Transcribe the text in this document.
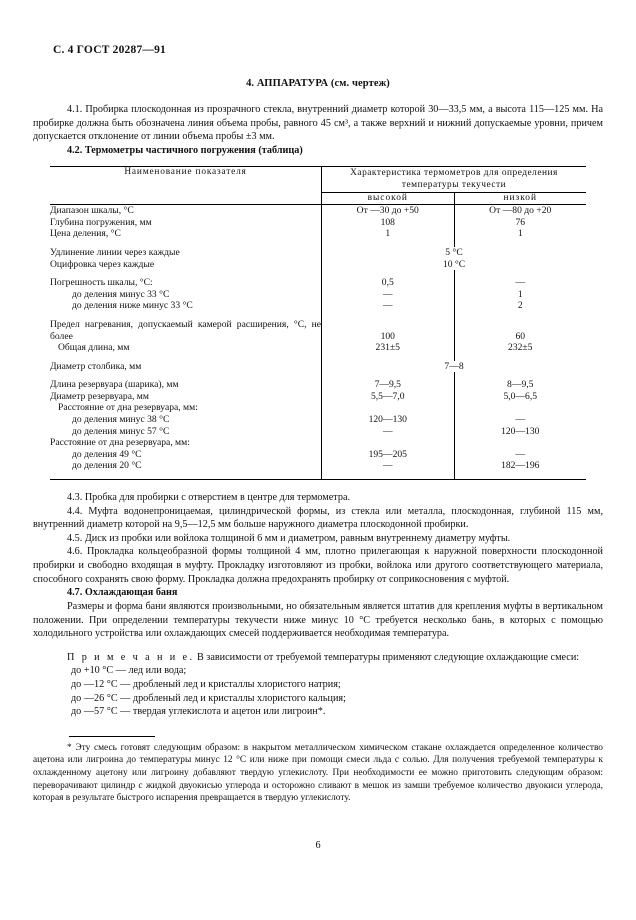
С. 4 ГОСТ 20287—91
4. АППАРАТУРА (см. чертеж)

4.1. Пробирка плоскодонная из прозрачного стекла, внутренний диаметр которой 30—33,5 мм, а высота 115—125 мм. На пробирке должна быть обозначена линия объема пробы, равного 45 см³, а также верхний и нижний допускаемые уровни, причем допускается отклонение от линии объема пробы ±3 мм.

4.2. Термометры частичного погружения (таблица)
Наименование показателя	Характеристика термометров для определения температуры текучести	
	высокой	низкой
Диапазон шкалы, °С	От —30 до +50	От —80 до +20
Глубина погружения, мм	108	76
Цена деления, °С	1	1

Удлинение линии через каждые	5 °С	
Оцифровка через каждые	10 °С	

Погрешность шкалы, °С:	0,5	—

до деления минус 33 °С	—	1

до деления ниже минус 33 °С	—	2

Предел нагревания, допускаемый камерой расширения, °С, не более	100	60
Общая длина, мм	231±5	232±5

Диаметр столбика, мм	7—8	

Длина резервуара (шарика), мм	7—9,5	8—9,5
Диаметр резервуара, мм	5,5—7,0	5,0—6,5
Расстояние от дна резервуара, мм:		

до деления минус 38 °С	120—130	—

до деления минус 57 °С	—	120—130
Расстояние от дна резервуара, мм:		

до деления 49 °С	195—205	—

до деления 20 °С	—	182—196

4.3. Пробка для пробирки с отверстием в центре для термометра.

4.4. Муфта водонепроницаемая, цилиндрической формы, из стекла или металла, плоскодонная, глубиной 115 мм, внутренний диаметр которой на 9,5—12,5 мм больше наружного диаметра плоскодонной пробирки.

4.5. Диск из пробки или войлока толщиной 6 мм и диаметром, равным внутреннему диаметру муфты.

4.6. Прокладка кольцеобразной формы толщиной 4 мм, плотно прилегающая к наружной поверхности плоскодонной пробирки и свободно входящая в муфту. Прокладку изготовляют из пробки, войлока или другого соответствующего материала, способного сохранять свою форму. Прокладка должна предохранять пробирку от соприкосновения с муфтой.

4.7. Охлаждающая баня

Размеры и форма бани являются произвольными, но обязательным является штатив для крепления муфты в вертикальном положении. При определении температуры текучести ниже минус 10 °С требуется несколько бань, в которых с помощью холодильного устройства или охлаждающих смесей поддерживается необходимая температура.

П р и м е ч а н и е. В зависимости от требуемой температуры применяют следующие охлаждающие смеси:

до +10 °С — лед или вода;
до —12 °С — дробленый лед и кристаллы хлористого натрия;
до —26 °С — дробленый лед и кристаллы хлористого кальция;
до —57 °С — твердая углекислота и ацетон или лигроин*.

* Эту смесь готовят следующим образом: в накрытом металлическом химическом стакане охлаждается определенное количество ацетона или лигроина до температуры минус 12 °С или ниже при помощи смеси льда с солью. Для получения требуемой температуры к охлажденному ацетону или лигроину добавляют твердую углекислоту. При необходимости ее можно приготовить следующим образом: переворачивают цилиндр с жидкой двуокисью углерода и осторожно сливают в мешок из замши требуемое количество двуокиси углерода, которая в результате быстрого испарения превращается в твердую углекислоту.

6
